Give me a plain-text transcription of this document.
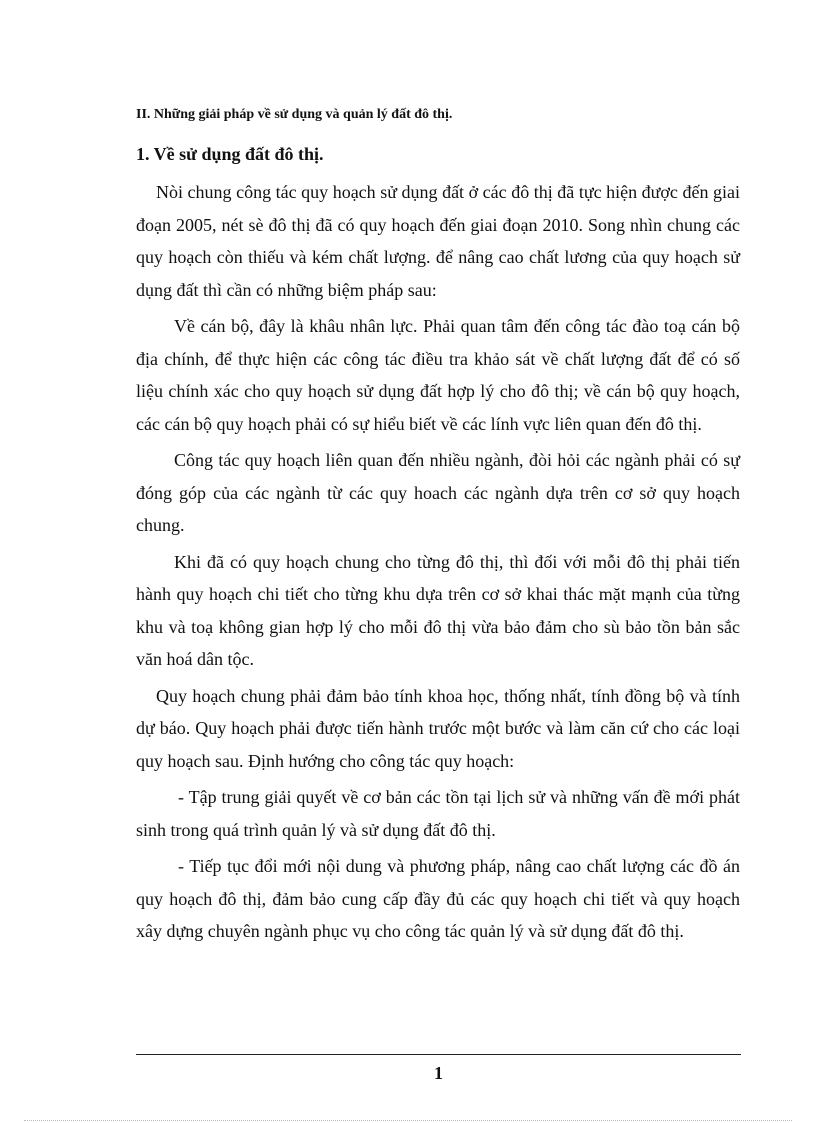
II. Những giải pháp về sử dụng và quản lý đất đô thị.
1. Về sử dụng đất đô thị.

Nòi chung công tác quy hoạch sử dụng đất ở các đô thị đã tực hiện được đến giai đoạn 2005, nét sè đô thị đã có quy hoạch đến giai đoạn 2010. Song nhìn chung các quy hoạch còn thiếu và kém chất lượng. để nâng cao chất lương của quy hoạch sử dụng đất thì cần có những biệm pháp sau:

Về cán bộ, đây là khâu nhân lực. Phải quan tâm đến công tác đào toạ cán bộ địa chính, để thực hiện các công tác điều tra khảo sát về chất lượng đất để có số liệu chính xác cho quy hoạch sử dụng đất hợp lý cho đô thị; về cán bộ quy hoạch, các cán bộ quy hoạch phải có sự hiểu biết về các lính vực liên quan đến đô thị.

Công tác quy hoạch liên quan đến nhiều ngành, đòi hỏi các ngành phải có sự đóng góp của các ngành từ các quy hoach các ngành dựa trên cơ sở quy hoạch chung.

Khi đã có quy hoạch chung cho từng đô thị, thì đối với mỗi đô thị phải tiến hành quy hoạch chi tiết cho từng khu dựa trên cơ sở khai thác mặt mạnh của từng khu và toạ không gian hợp lý cho mỗi đô thị vừa bảo đảm cho sù bảo tồn bản sắc văn hoá dân tộc.

Quy hoạch chung phải đảm bảo tính khoa học, thống nhất, tính đồng bộ và tính dự báo. Quy hoạch phải được tiến hành trước một bước và làm căn cứ cho các loại quy hoạch sau. Định hướng cho công tác quy hoạch:

- Tập trung giải quyết về cơ bản các tồn tại lịch sử và những vấn đề mới phát sinh trong quá trình quản lý và sử dụng đất đô thị.

- Tiếp tục đổi mới nội dung và phương pháp, nâng cao chất lượng các đồ án quy hoạch đô thị, đảm bảo cung cấp đầy đủ các quy hoạch chi tiết và quy hoạch xây dựng chuyên ngành phục vụ cho công tác quản lý và sử dụng đất đô thị.

1
